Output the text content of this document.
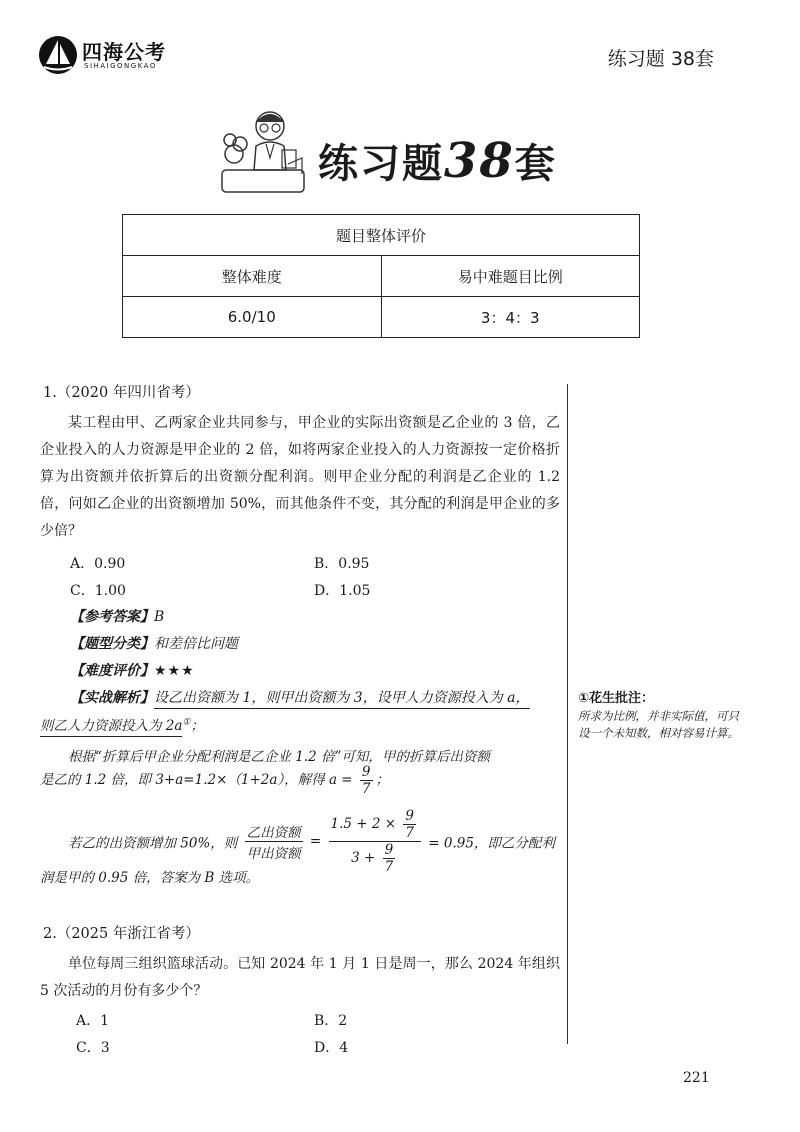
四海公考
SIHAIGONGKAO	练习题 38套
练习题38套
题目整体评价	
整体难度	易中难题目比例
6.0/10	3：4：3
1.（2020 年四川省考）
某工程由甲、乙两家企业共同参与，甲企业的实际出资额是乙企业的 3 倍，乙企业投入的人力资源是甲企业的 2 倍，如将两家企业投入的人力资源按一定价格折算为出资额并依折算后的出资额分配利润。则甲企业分配的利润是乙企业的 1.2 倍，问如乙企业的出资额增加 50%，而其他条件不变，其分配的利润是甲企业的多少倍？
A．0.90	B．0.95
C．1.00	D．1.05
【参考答案】B
【题型分类】和差倍比问题
【难度评价】★★★
【实战解析】设乙出资额为 1，则甲出资额为 3，设甲人力资源投入为 a，
则乙人力资源投入为 2a①；
根据“折算后甲企业分配利润是乙企业 1.2 倍”可知，甲的折算后出资额
是乙的 1.2 倍，即 3+a=1.2×（1+2a），解得 $a = \frac{9}{7}$ ；
若乙的出资额增加 50%，则 $\frac{\text{乙出资额}}{\text{甲出资额}} = \frac{1.5 + 2 \times \frac{9}{7}}{3 + \frac{9}{7}} = 0.95$，即乙分配利
润是甲的 0.95 倍，答案为 B 选项。
①花生批注：
所求为比例，并非实际值，可只设一个未知数，相对容易计算。
2.（2025 年浙江省考）
单位每周三组织篮球活动。已知 2024 年 1 月 1 日是周一，那么 2024 年组织 5 次活动的月份有多少个？
A．1	B．2
C．3	D．4
221
